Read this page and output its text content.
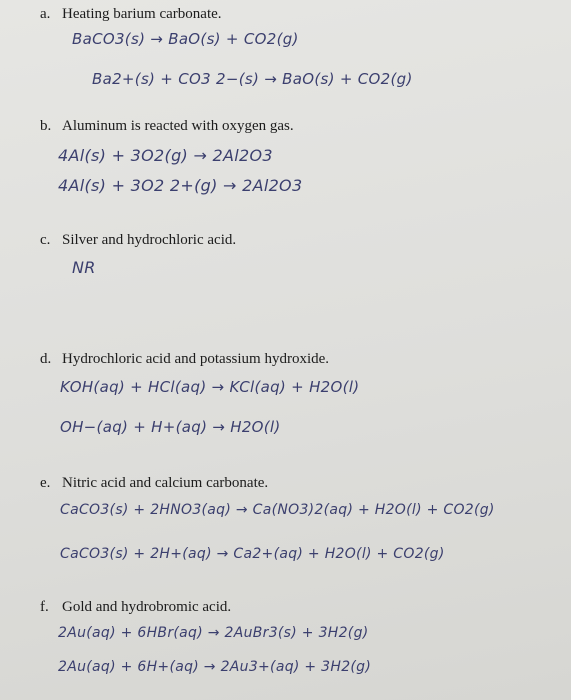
a. Heating barium carbonate.
BaCO3(s) → BaO(s) + CO2(g)
Ba2+(s) + CO3 2−(s) → BaO(s) + CO2(g)
b. Aluminum is reacted with oxygen gas.
4Al(s) + 3O2(g) → 2Al2O3
4Al(s) + 3O2 2+(g) → 2Al2O3
c. Silver and hydrochloric acid.
NR
d. Hydrochloric acid and potassium hydroxide.
KOH(aq) + HCl(aq) → KCl(aq) + H2O(l)
OH−(aq) + H+(aq) → H2O(l)
e. Nitric acid and calcium carbonate.
CaCO3(s) + 2HNO3(aq) → Ca(NO3)2(aq) + H2O(l) + CO2(g)
CaCO3(s) + 2H+(aq) → Ca2+(aq) + H2O(l) + CO2(g)
f. Gold and hydrobromic acid.
2Au(aq) + 6HBr(aq) → 2AuBr3(s) + 3H2(g)
2Au(aq) + 6H+(aq) → 2Au3+(aq) + 3H2(g)
